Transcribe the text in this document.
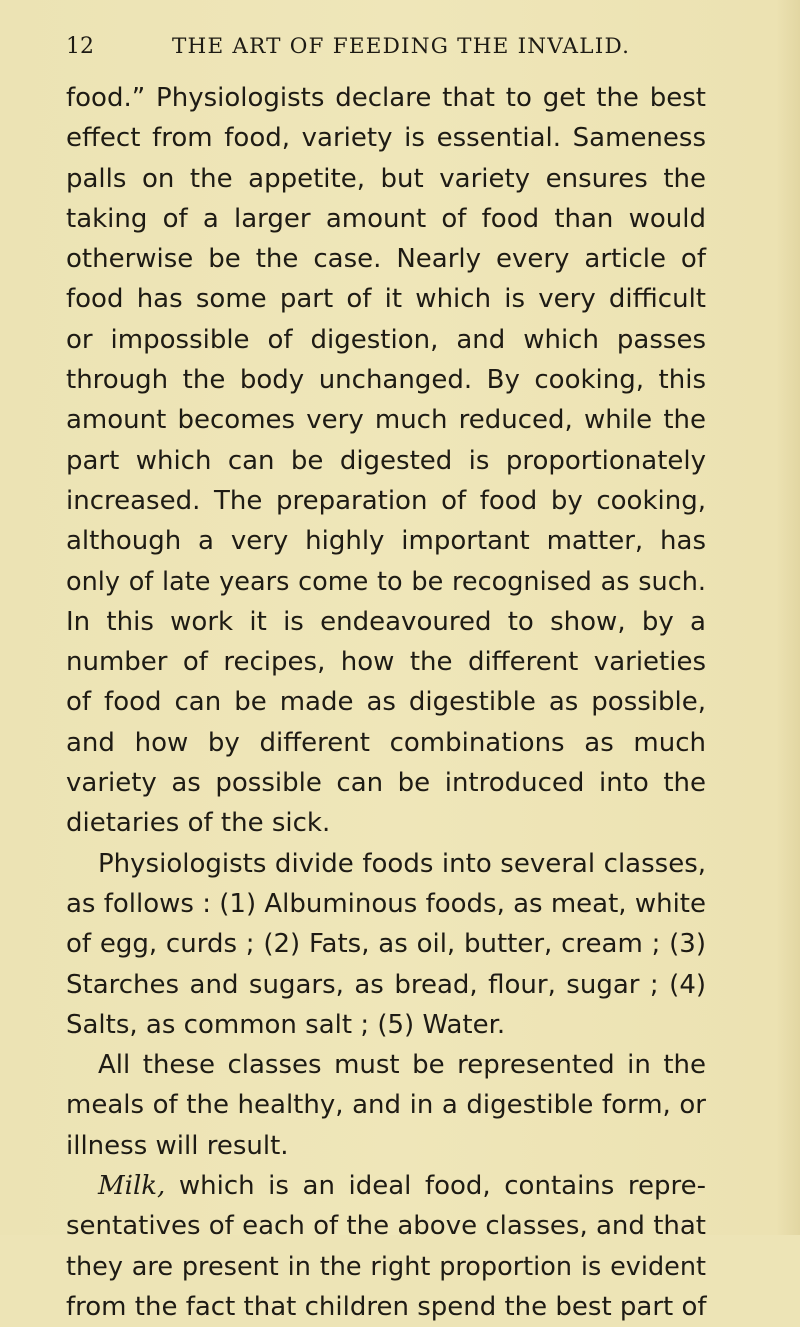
12	THE ART OF FEEDING THE INVALID.
food.” Physiologists declare that to get the best
effect from food, variety is essential. Sameness
palls on the appetite, but variety ensures the
taking of a larger amount of food than would
otherwise be the case. Nearly every article of
food has some part of it which is very difficult
or impossible of digestion, and which passes
through the body unchanged. By cooking, this
amount becomes very much reduced, while the
part which can be digested is proportionately
increased. The preparation of food by cooking,
although a very highly important matter, has
only of late years come to be recognised as such.
In this work it is endeavoured to show, by a
number of recipes, how the different varieties
of food can be made as digestible as possible,
and how by different combinations as much
variety as possible can be introduced into the
dietaries of the sick.
Physiologists divide foods into several classes,
as follows : (1) Albuminous foods, as meat, white
of egg, curds ; (2) Fats, as oil, butter, cream ; (3)
Starches and sugars, as bread, flour, sugar ; (4)
Salts, as common salt ; (5) Water.
All these classes must be represented in the
meals of the healthy, and in a digestible form, or
illness will result.
Milk, which is an ideal food, contains repre-
sentatives of each of the above classes, and that
they are present in the right proportion is evident
from the fact that children spend the best part of
